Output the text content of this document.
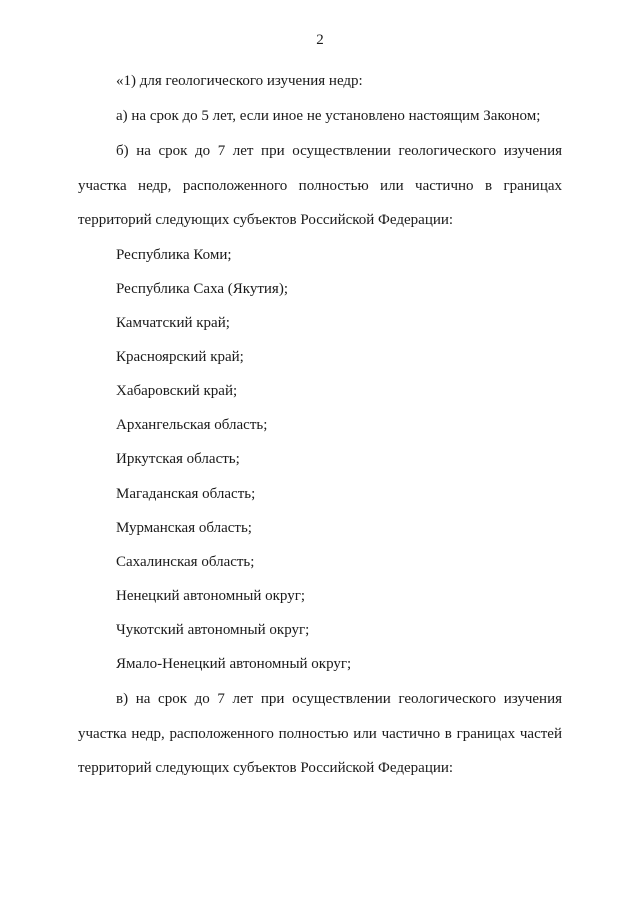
2
«1) для геологического изучения недр:
а) на срок до 5 лет, если иное не установлено настоящим Законом;
б) на срок до 7 лет при осуществлении геологического изучения
участка недр, расположенного полностью или частично в границах
территорий следующих субъектов Российской Федерации:
Республика Коми;
Республика Саха (Якутия);
Камчатский край;
Красноярский край;
Хабаровский край;
Архангельская область;
Иркутская область;
Магаданская область;
Мурманская область;
Сахалинская область;
Ненецкий автономный округ;
Чукотский автономный округ;
Ямало-Ненецкий автономный округ;
в) на срок до 7 лет при осуществлении геологического изучения
участка недр, расположенного полностью или частично в границах частей
территорий следующих субъектов Российской Федерации:
